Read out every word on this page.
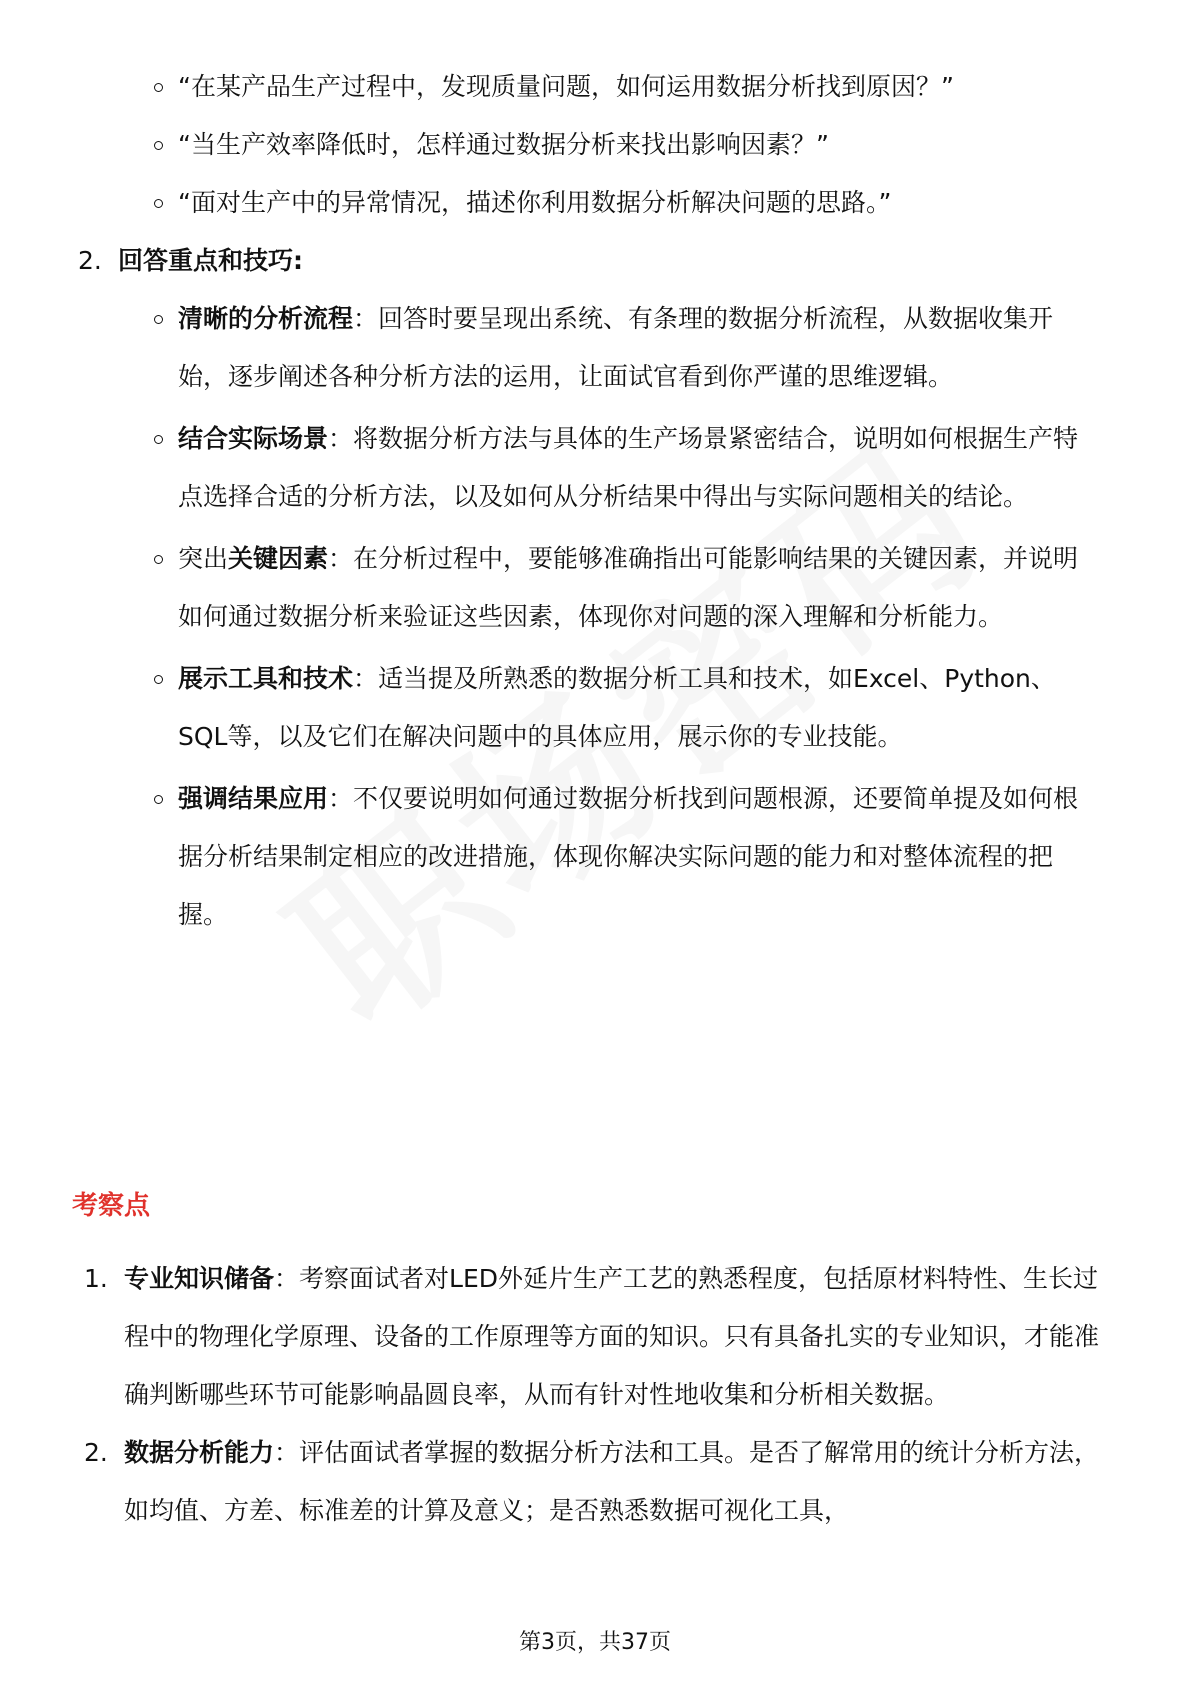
“在某产品生产过程中，发现质量问题，如何运用数据分析找到原因？”
“当生产效率降低时，怎样通过数据分析来找出影响因素？”
“面对生产中的异常情况，描述你利用数据分析解决问题的思路。”
2. 回答重点和技巧:
清晰的分析流程：回答时要呈现出系统、有条理的数据分析流程，从数据收集开始，逐步阐述各种分析方法的运用，让面试官看到你严谨的思维逻辑。
结合实际场景：将数据分析方法与具体的生产场景紧密结合，说明如何根据生产特点选择合适的分析方法，以及如何从分析结果中得出与实际问题相关的结论。
突出关键因素：在分析过程中，要能够准确指出可能影响结果的关键因素，并说明如何通过数据分析来验证这些因素，体现你对问题的深入理解和分析能力。
展示工具和技术：适当提及所熟悉的数据分析工具和技术，如Excel、Python、SQL等，以及它们在解决问题中的具体应用，展示你的专业技能。
强调结果应用：不仅要说明如何通过数据分析找到问题根源，还要简单提及如何根据分析结果制定相应的改进措施，体现你解决实际问题的能力和对整体流程的把握。
考察点
1. 专业知识储备：考察面试者对LED外延片生产工艺的熟悉程度，包括原材料特性、生长过程中的物理化学原理、设备的工作原理等方面的知识。只有具备扎实的专业知识，才能准确判断哪些环节可能影响晶圆良率，从而有针对性地收集和分析相关数据。
2. 数据分析能力：评估面试者掌握的数据分析方法和工具。是否了解常用的统计分析方法，如均值、方差、标准差的计算及意义；是否熟悉数据可视化工具，
第3页，共37页
